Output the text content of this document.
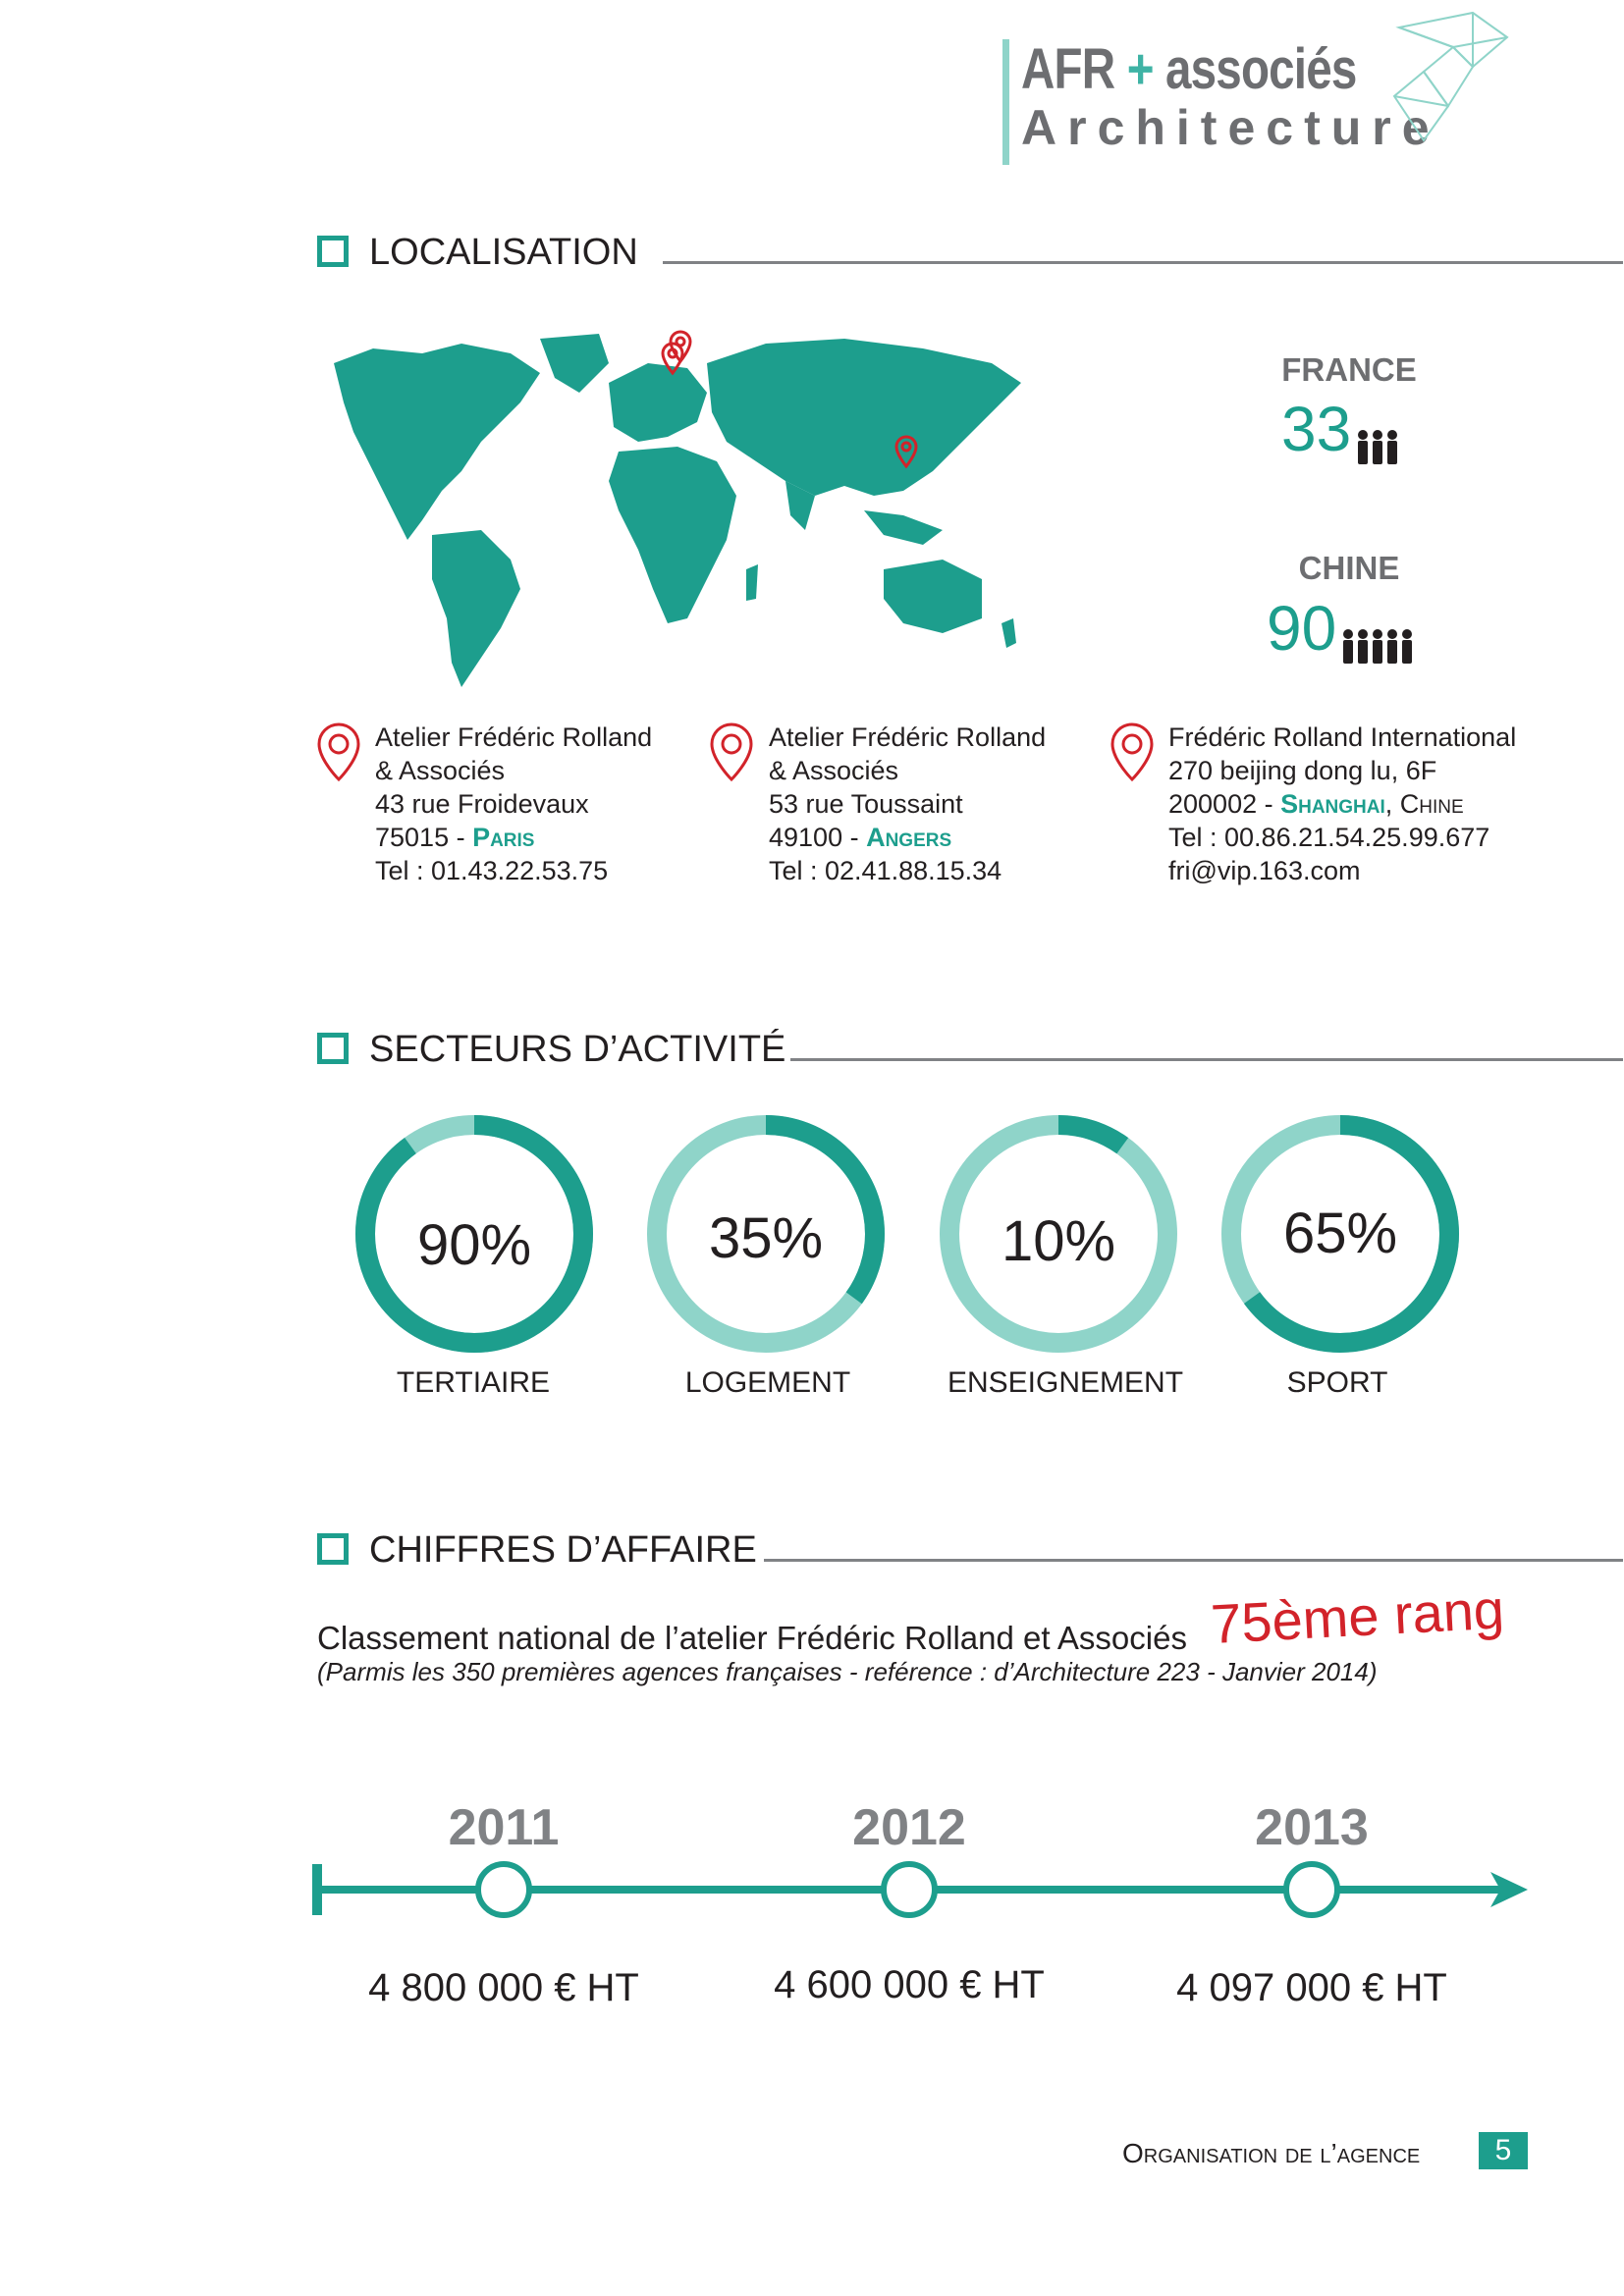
AFR + associés
Architecture
LOCALISATION
FRANCE
33
CHINE
90
Atelier Frédéric Rolland
& Associés
43 rue Froidevaux
75015 - Paris
Tel : 01.43.22.53.75
Atelier Frédéric Rolland
& Associés
53 rue Toussaint
49100 - Angers
Tel : 02.41.88.15.34
Frédéric Rolland International
270 beijing dong lu, 6F
200002 - Shanghai, Chine
Tel : 00.86.21.54.25.99.677
fri@vip.163.com
SECTEURS D’ACTIVITÉ
90%	35%	10%	65%
TERTIAIRE	LOGEMENT	ENSEIGNEMENT	SPORT
CHIFFRES D’AFFAIRE
Classement national de l’atelier Frédéric Rolland et Associés 75ème rang
(Parmis les 350 premières agences françaises - reférence : d’Architecture 223 - Janvier 2014)
2011	2012	2013
4 800 000 € HT	4 600 000 € HT	4 097 000 € HT
Organisation de l’agence	5
